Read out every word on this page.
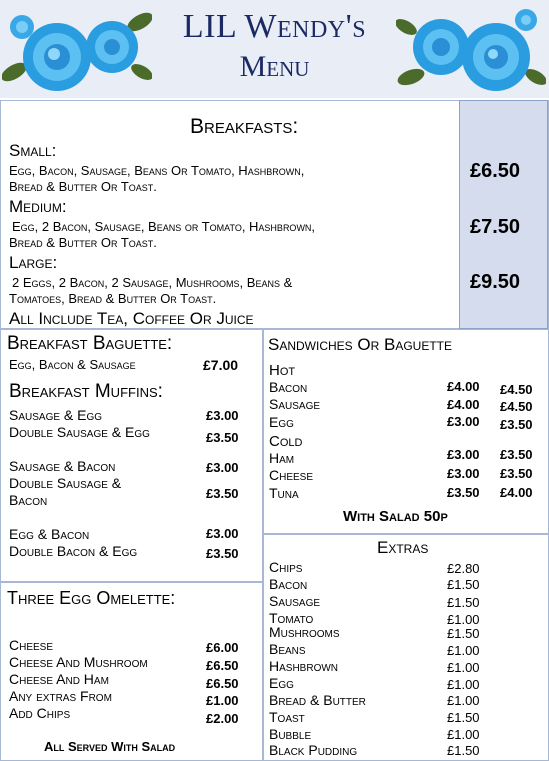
LIL Wendy's
Menu
Breakfasts:
Small:
Egg, Bacon, Sausage, Beans Or Tomato, Hashbrown,
Bread & Butter Or Toast.
£6.50
Medium:
Egg, 2 Bacon, Sausage, Beans or Tomato, Hashbrown,
Bread & Butter Or Toast.
£7.50
Large:
2 Eggs, 2 Bacon, 2 Sausage, Mushrooms, Beans &
Tomatoes, Bread & Butter Or Toast.
£9.50
All Include Tea, Coffee Or Juice
Breakfast Baguette:
Egg, Bacon & Sausage	£7.00
Breakfast Muffins:
Sausage & Egg	£3.00
Double Sausage & Egg	£3.50
Sausage & Bacon	£3.00
Double Sausage &
Bacon	£3.50
Egg & Bacon	£3.00
Double Bacon & Egg	£3.50
Three Egg Omelette:
Cheese	£6.00
Cheese And Mushroom	£6.50
Cheese And Ham	£6.50
Any extras From	£1.00
Add Chips	£2.00
All Served With Salad
Sandwiches Or Baguette
Hot
Bacon	£4.00 £4.50
Sausage	£4.00 £4.50
Egg	£3.00 £3.50
Cold
Ham	£3.00 £3.50
Cheese	£3.00 £3.50
Tuna	£3.50 £4.00
With Salad 50p
Extras
Chips	£2.80
Bacon	£1.50
Sausage	£1.50
Tomato	£1.00
Mushrooms	£1.50
Beans	£1.00
Hashbrown	£1.00
Egg	£1.00
Bread & Butter	£1.00
Toast	£1.50
Bubble	£1.00
Black Pudding	£1.50
